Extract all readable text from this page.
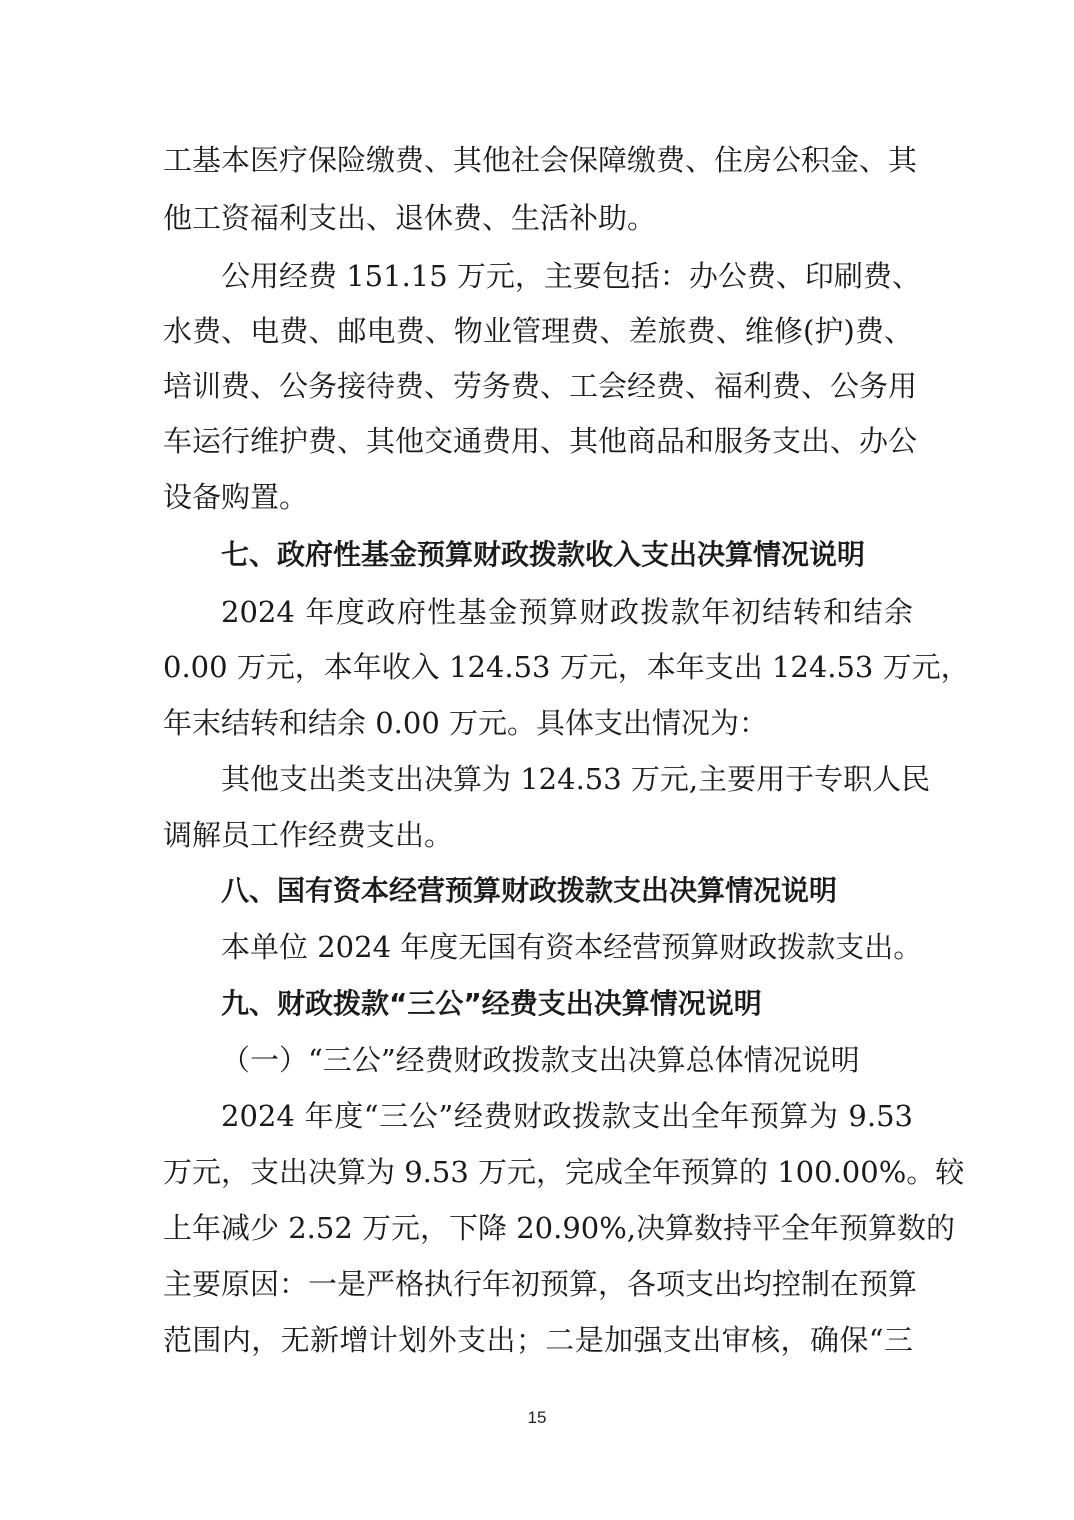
工基本医疗保险缴费、其他社会保障缴费、住房公积金、其
他工资福利支出、退休费、生活补助。
公用经费 151.15 万元，主要包括：办公费、印刷费、
水费、电费、邮电费、物业管理费、差旅费、维修(护)费、
培训费、公务接待费、劳务费、工会经费、福利费、公务用
车运行维护费、其他交通费用、其他商品和服务支出、办公
设备购置。
七、政府性基金预算财政拨款收入支出决算情况说明
2024 年度政府性基金预算财政拨款年初结转和结余
0.00 万元，本年收入 124.53 万元，本年支出 124.53 万元，
年末结转和结余 0.00 万元。具体支出情况为：
其他支出类支出决算为 124.53 万元,主要用于专职人民
调解员工作经费支出。
八、国有资本经营预算财政拨款支出决算情况说明
本单位 2024 年度无国有资本经营预算财政拨款支出。
九、财政拨款“三公”经费支出决算情况说明
（一）“三公”经费财政拨款支出决算总体情况说明
2024 年度“三公”经费财政拨款支出全年预算为 9.53
万元，支出决算为 9.53 万元，完成全年预算的 100.00%。较
上年减少 2.52 万元，下降 20.90%,决算数持平全年预算数的
主要原因：一是严格执行年初预算，各项支出均控制在预算
范围内，无新增计划外支出；二是加强支出审核，确保“三
15
